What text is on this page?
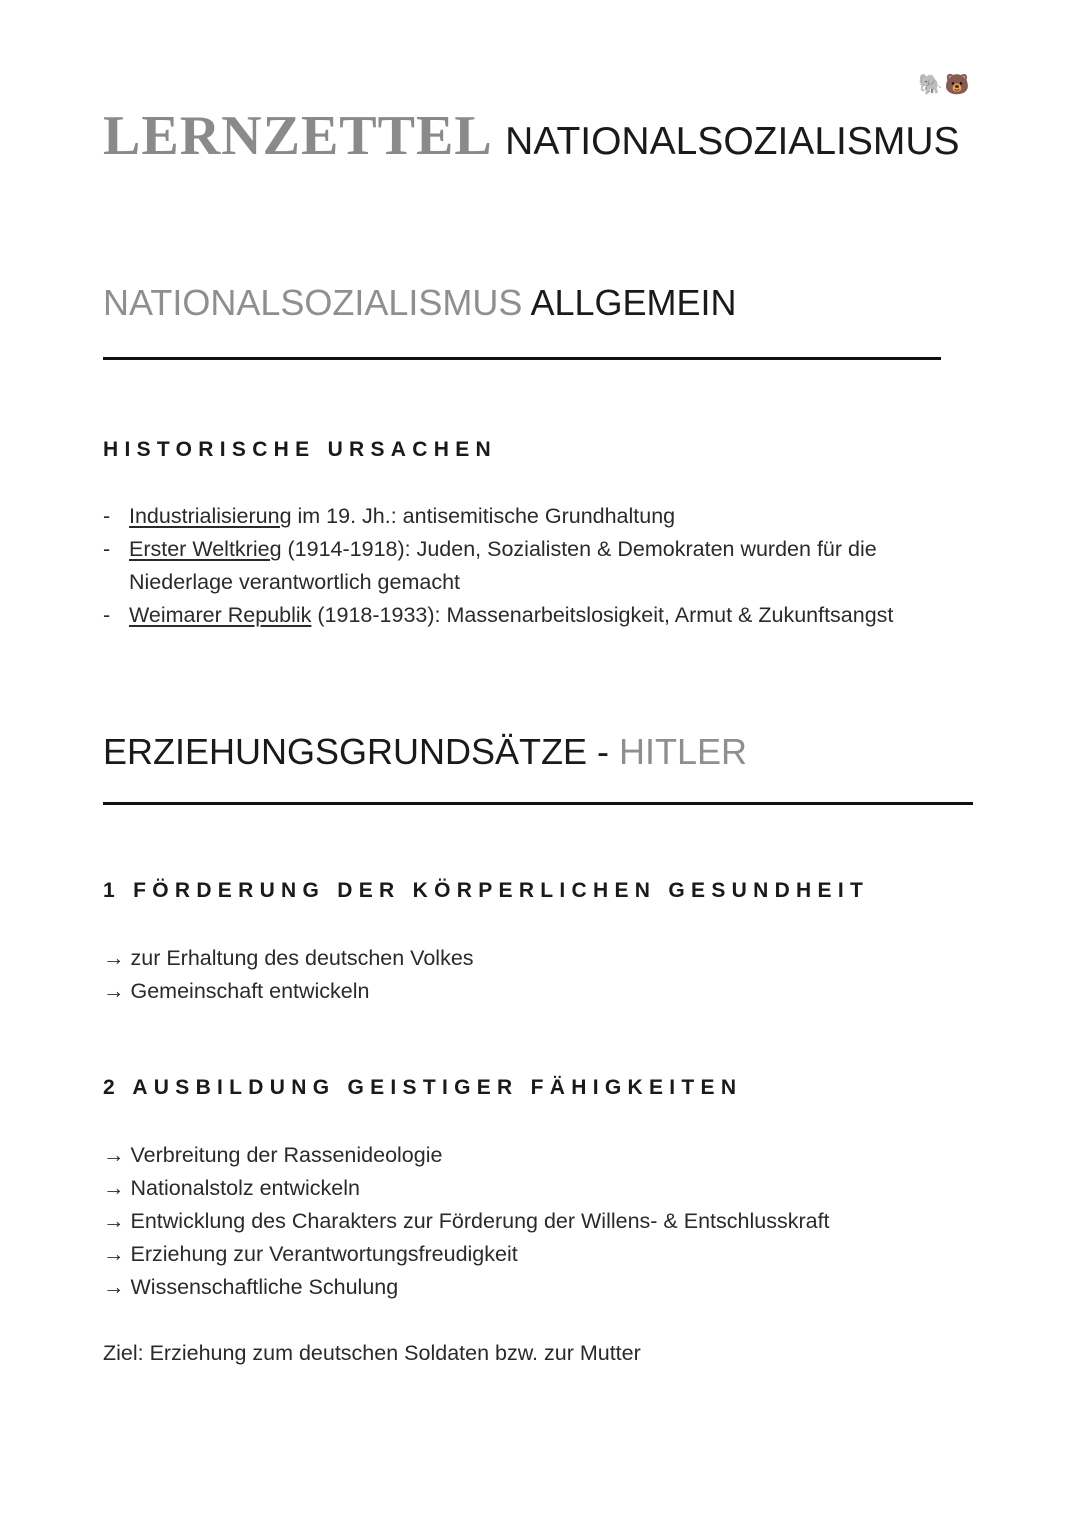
🐘🐻
LERNZETTEL NATIONALSOZIALISMUS
NATIONALSOZIALISMUS ALLGEMEIN
HISTORISCHE URSACHEN
- Industrialisierung im 19. Jh.: antisemitische Grundhaltung
- Erster Weltkrieg (1914-1918): Juden, Sozialisten & Demokraten wurden für die
Niederlage verantwortlich gemacht
- Weimarer Republik (1918-1933): Massenarbeitslosigkeit, Armut & Zukunftsangst
ERZIEHUNGSGRUNDSÄTZE - HITLER
1 FÖRDERUNG DER KÖRPERLICHEN GESUNDHEIT
→ zur Erhaltung des deutschen Volkes
→ Gemeinschaft entwickeln
2 AUSBILDUNG GEISTIGER FÄHIGKEITEN
→ Verbreitung der Rassenideologie
→ Nationalstolz entwickeln
→ Entwicklung des Charakters zur Förderung der Willens- & Entschlusskraft
→ Erziehung zur Verantwortungsfreudigkeit
→ Wissenschaftliche Schulung
Ziel: Erziehung zum deutschen Soldaten bzw. zur Mutter
